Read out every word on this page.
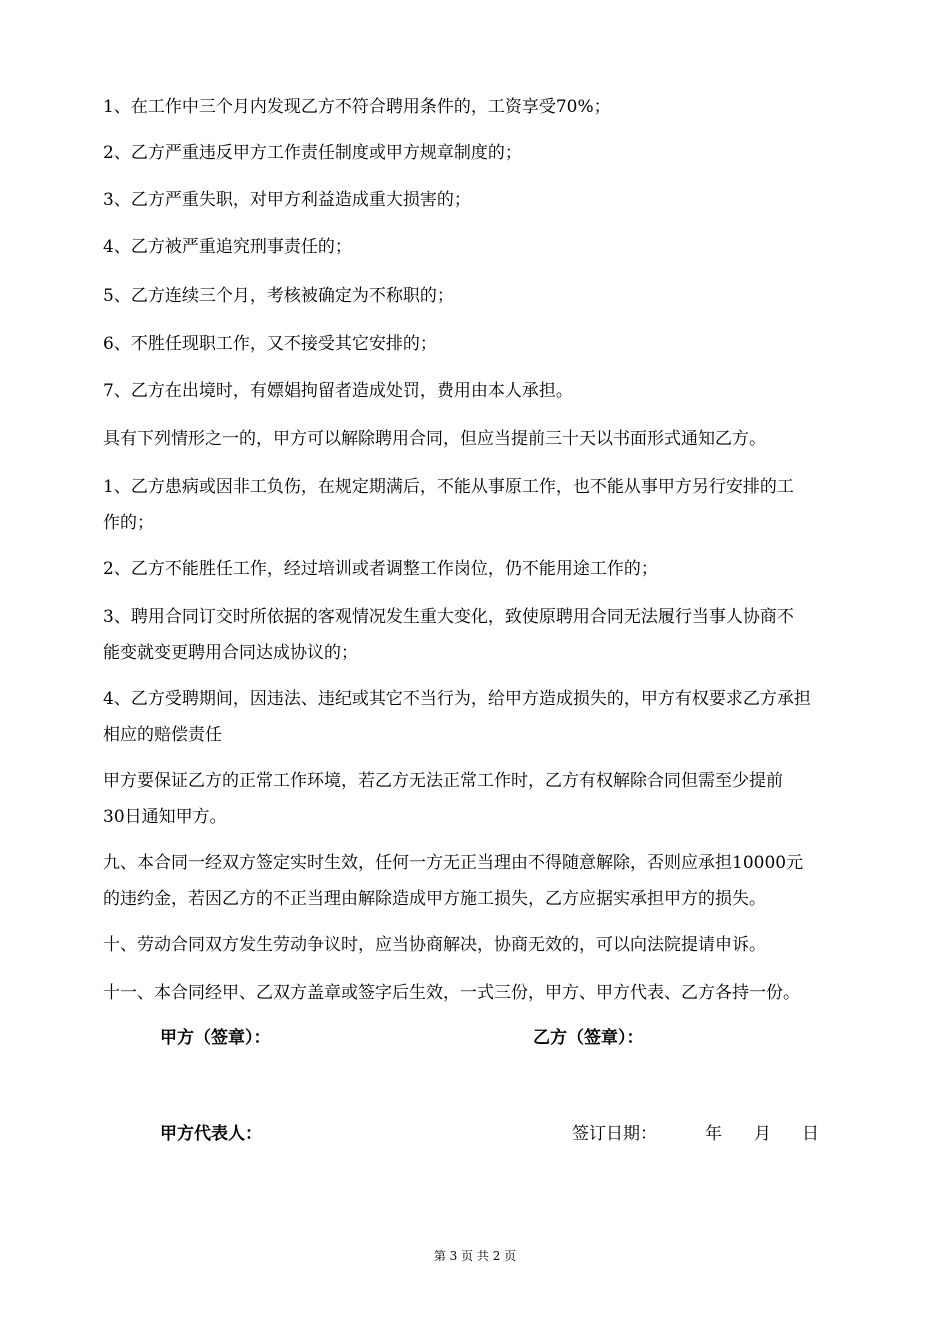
1、在工作中三个月内发现乙方不符合聘用条件的，工资享受70%；
2、乙方严重违反甲方工作责任制度或甲方规章制度的；
3、乙方严重失职，对甲方利益造成重大损害的；
4、乙方被严重追究刑事责任的；
5、乙方连续三个月，考核被确定为不称职的；
6、不胜任现职工作，又不接受其它安排的；
7、乙方在出境时，有嫖娼拘留者造成处罚，费用由本人承担。
具有下列情形之一的，甲方可以解除聘用合同，但应当提前三十天以书面形式通知乙方。
1、乙方患病或因非工负伤，在规定期满后，不能从事原工作，也不能从事甲方另行安排的工
作的；
2、乙方不能胜任工作，经过培训或者调整工作岗位，仍不能用途工作的；
3、聘用合同订交时所依据的客观情况发生重大变化，致使原聘用合同无法履行当事人协商不
能变就变更聘用合同达成协议的；
4、乙方受聘期间，因违法、违纪或其它不当行为，给甲方造成损失的，甲方有权要求乙方承担
相应的赔偿责任
甲方要保证乙方的正常工作环境，若乙方无法正常工作时，乙方有权解除合同但需至少提前
30日通知甲方。
九、本合同一经双方签定实时生效，任何一方无正当理由不得随意解除，否则应承担10000元
的违约金，若因乙方的不正当理由解除造成甲方施工损失，乙方应据实承担甲方的损失。
十、劳动合同双方发生劳动争议时，应当协商解决，协商无效的，可以向法院提请申诉。
十一、本合同经甲、乙双方盖章或签字后生效，一式三份，甲方、甲方代表、乙方各持一份。
甲方（签章）：	乙方（签章）：
甲方代表人：	签订日期：	年 月 日
第 3 页 共 2 页
